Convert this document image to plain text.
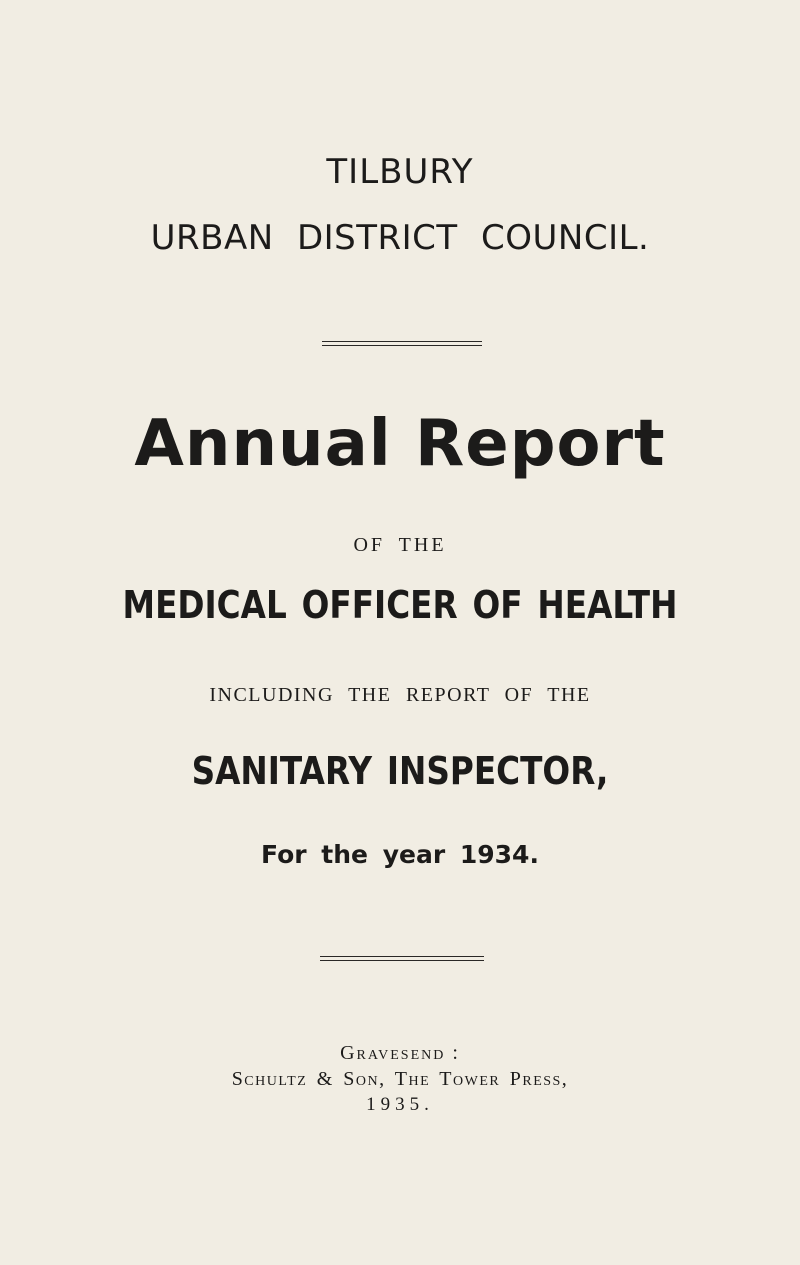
TILBURY
URBAN DISTRICT COUNCIL.
Annual Report
OF THE
MEDICAL OFFICER OF HEALTH
INCLUDING THE REPORT OF THE
SANITARY INSPECTOR,
For the year 1934.
Gravesend :
Schultz & Son, The Tower Press,
1935.
